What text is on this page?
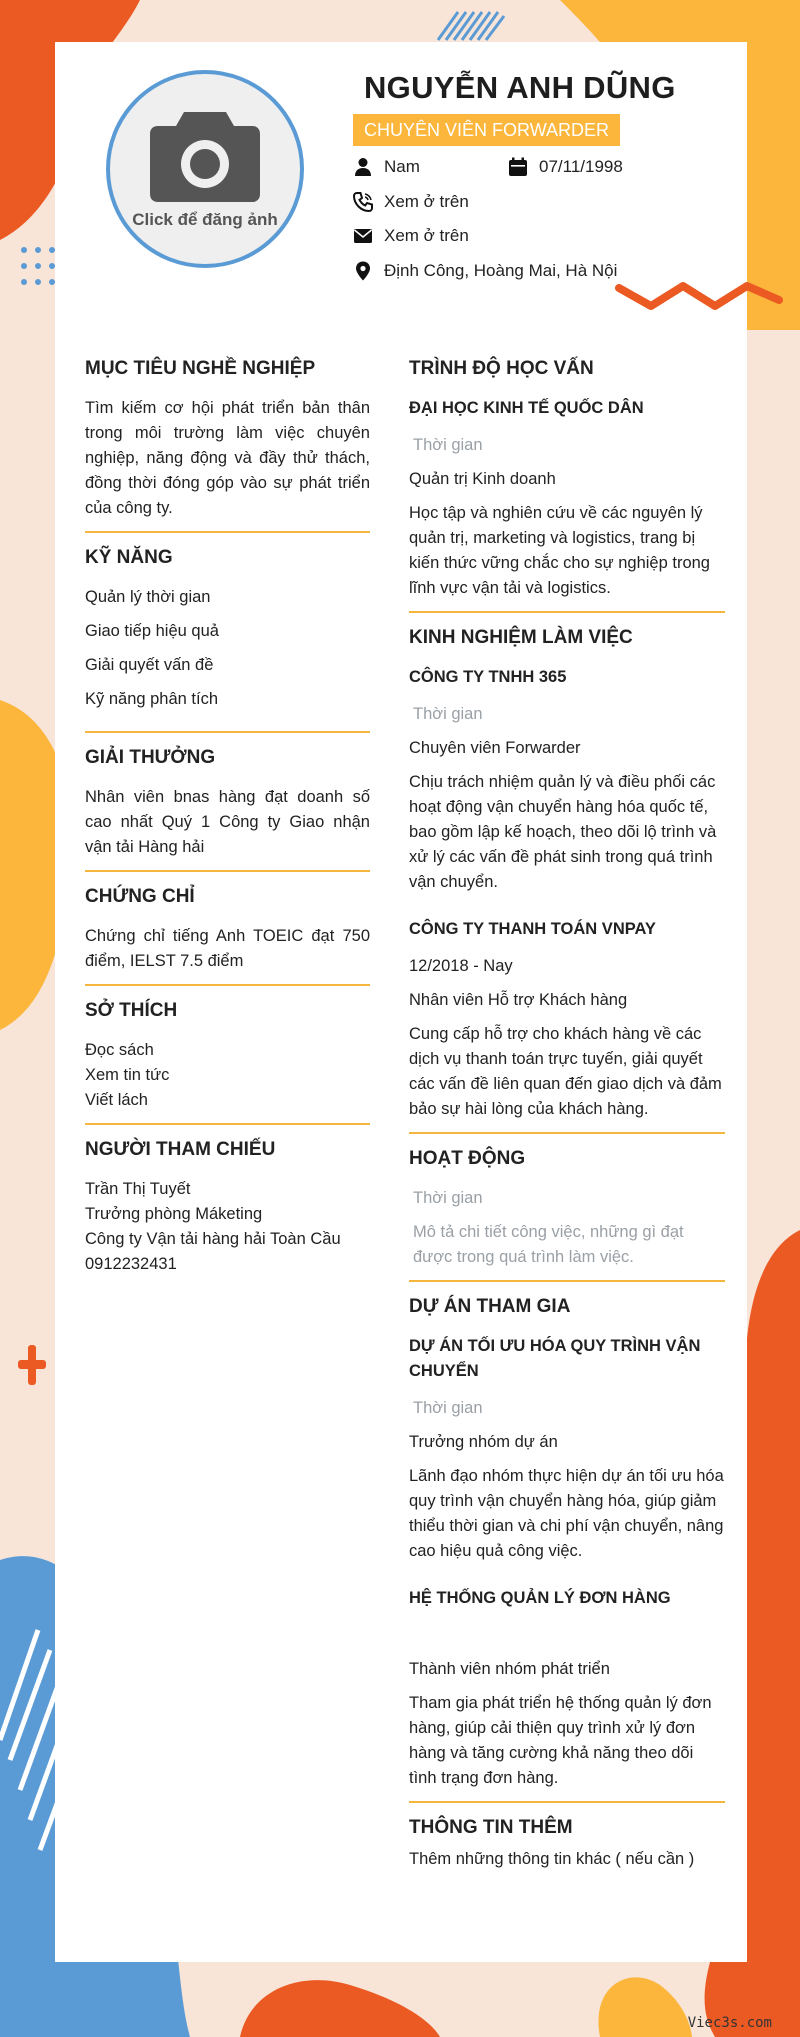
Click để đăng ảnh
NGUYỄN ANH DŨNG
CHUYÊN VIÊN FORWARDER
Nam	07/11/1998
Xem ở trên
Xem ở trên
Định Công, Hoàng Mai, Hà Nội
MỤC TIÊU NGHỀ NGHIỆP
Tìm kiếm cơ hội phát triển bản thân trong môi trường làm việc chuyên nghiệp, năng động và đầy thử thách, đồng thời đóng góp vào sự phát triển của công ty.
KỸ NĂNG
Quản lý thời gian
Giao tiếp hiệu quả
Giải quyết vấn đề
Kỹ năng phân tích
GIẢI THƯỞNG
Nhân viên bnas hàng đạt doanh số cao nhất Quý 1 Công ty Giao nhận vận tải Hàng hải
CHỨNG CHỈ
Chứng chỉ tiếng Anh TOEIC đạt 750 điểm, IELST 7.5 điểm
SỞ THÍCH
Đọc sách
Xem tin tức
Viết lách
NGƯỜI THAM CHIẾU
Trần Thị Tuyết
Trưởng phòng Máketing
Công ty Vận tải hàng hải Toàn Cầu
0912232431
TRÌNH ĐỘ HỌC VẤN
ĐẠI HỌC KINH TẾ QUỐC DÂN
Thời gian
Quản trị Kinh doanh
Học tập và nghiên cứu về các nguyên lý quản trị, marketing và logistics, trang bị kiến thức vững chắc cho sự nghiệp trong lĩnh vực vận tải và logistics.
KINH NGHIỆM LÀM VIỆC
CÔNG TY TNHH 365
Thời gian
Chuyên viên Forwarder
Chịu trách nhiệm quản lý và điều phối các hoạt động vận chuyển hàng hóa quốc tế, bao gồm lập kế hoạch, theo dõi lộ trình và xử lý các vấn đề phát sinh trong quá trình vận chuyển.
CÔNG TY THANH TOÁN VNPAY
12/2018 - Nay
Nhân viên Hỗ trợ Khách hàng
Cung cấp hỗ trợ cho khách hàng về các dịch vụ thanh toán trực tuyến, giải quyết các vấn đề liên quan đến giao dịch và đảm bảo sự hài lòng của khách hàng.
HOẠT ĐỘNG
Thời gian
Mô tả chi tiết công việc, những gì đạt được trong quá trình làm việc.
DỰ ÁN THAM GIA
DỰ ÁN TỐI ƯU HÓA QUY TRÌNH VẬN CHUYỂN
Thời gian
Trưởng nhóm dự án
Lãnh đạo nhóm thực hiện dự án tối ưu hóa quy trình vận chuyển hàng hóa, giúp giảm thiểu thời gian và chi phí vận chuyển, nâng cao hiệu quả công việc.
HỆ THỐNG QUẢN LÝ ĐƠN HÀNG
Thành viên nhóm phát triển
Tham gia phát triển hệ thống quản lý đơn hàng, giúp cải thiện quy trình xử lý đơn hàng và tăng cường khả năng theo dõi tình trạng đơn hàng.
THÔNG TIN THÊM
Thêm những thông tin khác ( nếu cần )
Viec3s.com
